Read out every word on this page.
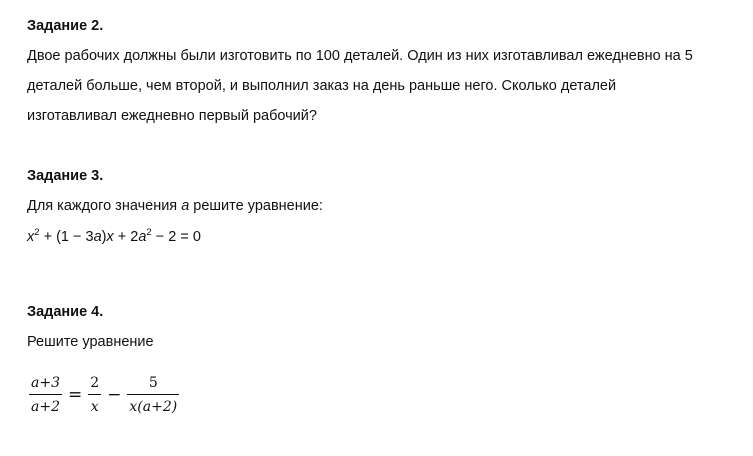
Задание 2.
Двое рабочих должны были изготовить по 100 деталей. Один из них изготавливал ежедневно на 5
деталей больше, чем второй, и выполнил заказ на день раньше него. Сколько деталей
изготавливал ежедневно первый рабочий?
Задание 3.
Для каждого значения a решите уравнение:
$x^2 + (1 - 3a)x + 2a^2 - 2 = 0$
Задание 4.
Решите уравнение
$\frac{a+3}{a+2} = \frac{2}{x} - \frac{5}{x(a+2)}$
